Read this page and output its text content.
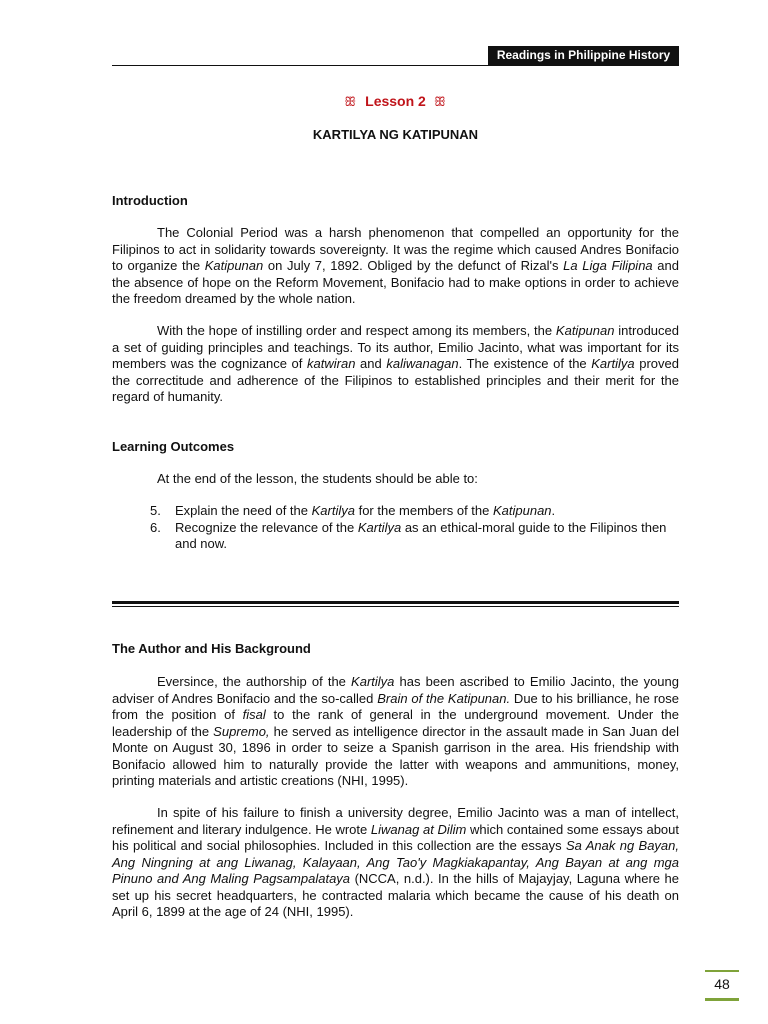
Readings in Philippine History
ꕥ Lesson 2 ꕥ
KARTILYA NG KATIPUNAN
Introduction

The Colonial Period was a harsh phenomenon that compelled an opportunity for the Filipinos to act in solidarity towards sovereignty. It was the regime which caused Andres Bonifacio to organize the Katipunan on July 7, 1892. Obliged by the defunct of Rizal's La Liga Filipina and the absence of hope on the Reform Movement, Bonifacio had to make options in order to achieve the freedom dreamed by the whole nation.

With the hope of instilling order and respect among its members, the Katipunan introduced a set of guiding principles and teachings. To its author, Emilio Jacinto, what was important for its members was the cognizance of katwiran and kaliwanagan. The existence of the Kartilya proved the correctitude and adherence of the Filipinos to established principles and their merit for the regard of humanity.

Learning Outcomes

At the end of the lesson, the students should be able to:

5. Explain the need of the Kartilya for the members of the Katipunan.
6. Recognize the relevance of the Kartilya as an ethical-moral guide to the Filipinos then and now.
The Author and His Background

Eversince, the authorship of the Kartilya has been ascribed to Emilio Jacinto, the young adviser of Andres Bonifacio and the so-called Brain of the Katipunan. Due to his brilliance, he rose from the position of fisal to the rank of general in the underground movement. Under the leadership of the Supremo, he served as intelligence director in the assault made in San Juan del Monte on August 30, 1896 in order to seize a Spanish garrison in the area. His friendship with Bonifacio allowed him to naturally provide the latter with weapons and ammunitions, money, printing materials and artistic creations (NHI, 1995).

In spite of his failure to finish a university degree, Emilio Jacinto was a man of intellect, refinement and literary indulgence. He wrote Liwanag at Dilim which contained some essays about his political and social philosophies. Included in this collection are the essays Sa Anak ng Bayan, Ang Ningning at ang Liwanag, Kalayaan, Ang Tao'y Magkiakapantay, Ang Bayan at ang mga Pinuno and Ang Maling Pagsampalataya (NCCA, n.d.). In the hills of Majayjay, Laguna where he set up his secret headquarters, he contracted malaria which became the cause of his death on April 6, 1899 at the age of 24 (NHI, 1995).

48
